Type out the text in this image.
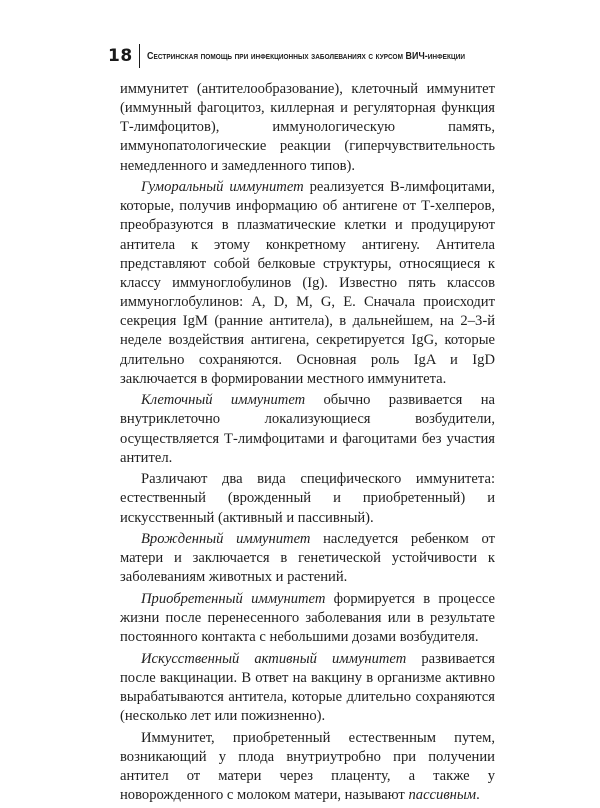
18 Сестринская помощь при инфекционных заболеваниях с курсом ВИЧ-инфекции

иммунитет (антителообразование), клеточный иммунитет (иммунный фагоцитоз, киллерная и регуляторная функция Т-лимфоцитов), иммунологическую память, иммунопатологические реакции (гиперчувствительность немедленного и замедленного типов).

Гуморальный иммунитет реализуется В-лимфоцитами, которые, получив информацию об антигене от Т-хелперов, преобразуются в плазматические клетки и продуцируют антитела к этому конкретному антигену. Антитела представляют собой белковые структуры, относящиеся к классу иммуноглобулинов (Ig). Известно пять классов иммуноглобулинов: A, D, M, G, E. Сначала происходит секреция IgM (ранние антитела), в дальнейшем, на 2–3-й неделе воздействия антигена, секретируется IgG, которые длительно сохраняются. Основная роль IgA и IgD заключается в формировании местного иммунитета.

Клеточный иммунитет обычно развивается на внутриклеточно локализующиеся возбудители, осуществляется Т-лимфоцитами и фагоцитами без участия антител.

Различают два вида специфического иммунитета: естественный (врожденный и приобретенный) и искусственный (активный и пассивный).

Врожденный иммунитет наследуется ребенком от матери и заключается в генетической устойчивости к заболеваниям животных и растений.

Приобретенный иммунитет формируется в процессе жизни после перенесенного заболевания или в результате постоянного контакта с небольшими дозами возбудителя.

Искусственный активный иммунитет развивается после вакцинации. В ответ на вакцину в организме активно вырабатываются антитела, которые длительно сохраняются (несколько лет или пожизненно).

Иммунитет, приобретенный естественным путем, возникающий у плода внутриутробно при получении антител от матери через плаценту, а также у новорожденного с молоком матери, называют пассивным.
